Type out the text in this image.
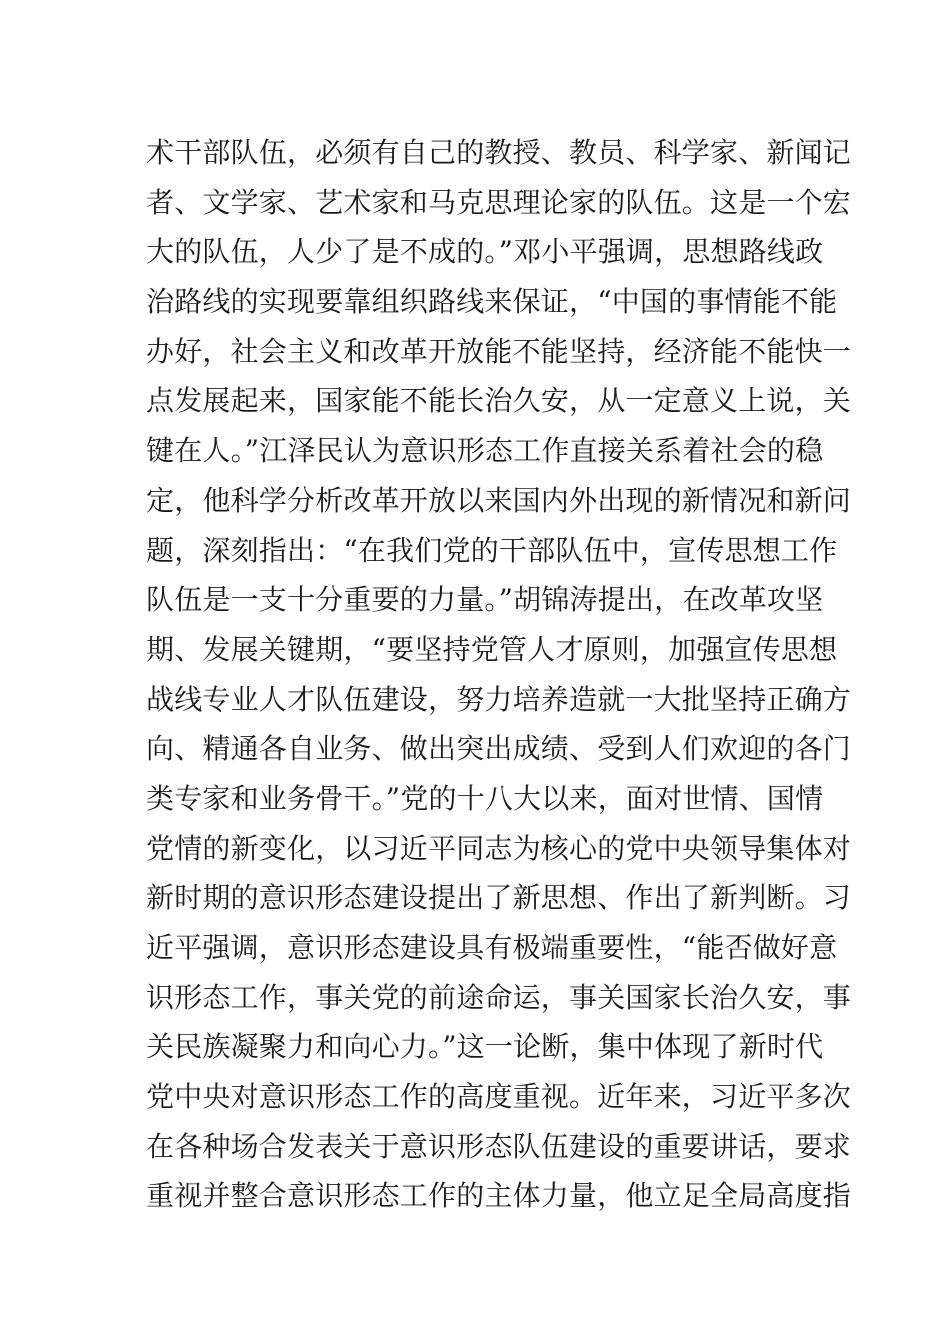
术干部队伍，必须有自己的教授、教员、科学家、新闻记
者、文学家、艺术家和马克思理论家的队伍。这是一个宏
大的队伍，人少了是不成的。”邓小平强调，思想路线政
治路线的实现要靠组织路线来保证，“中国的事情能不能
办好，社会主义和改革开放能不能坚持，经济能不能快一
点发展起来，国家能不能长治久安，从一定意义上说，关
键在人。”江泽民认为意识形态工作直接关系着社会的稳
定，他科学分析改革开放以来国内外出现的新情况和新问
题，深刻指出：“在我们党的干部队伍中，宣传思想工作
队伍是一支十分重要的力量。”胡锦涛提出，在改革攻坚
期、发展关键期，“要坚持党管人才原则，加强宣传思想
战线专业人才队伍建设，努力培养造就一大批坚持正确方
向、精通各自业务、做出突出成绩、受到人们欢迎的各门
类专家和业务骨干。”党的十八大以来，面对世情、国情
党情的新变化，以习近平同志为核心的党中央领导集体对
新时期的意识形态建设提出了新思想、作出了新判断。习
近平强调，意识形态建设具有极端重要性，“能否做好意
识形态工作，事关党的前途命运，事关国家长治久安，事
关民族凝聚力和向心力。”这一论断，集中体现了新时代
党中央对意识形态工作的高度重视。近年来，习近平多次
在各种场合发表关于意识形态队伍建设的重要讲话，要求
重视并整合意识形态工作的主体力量，他立足全局高度指
